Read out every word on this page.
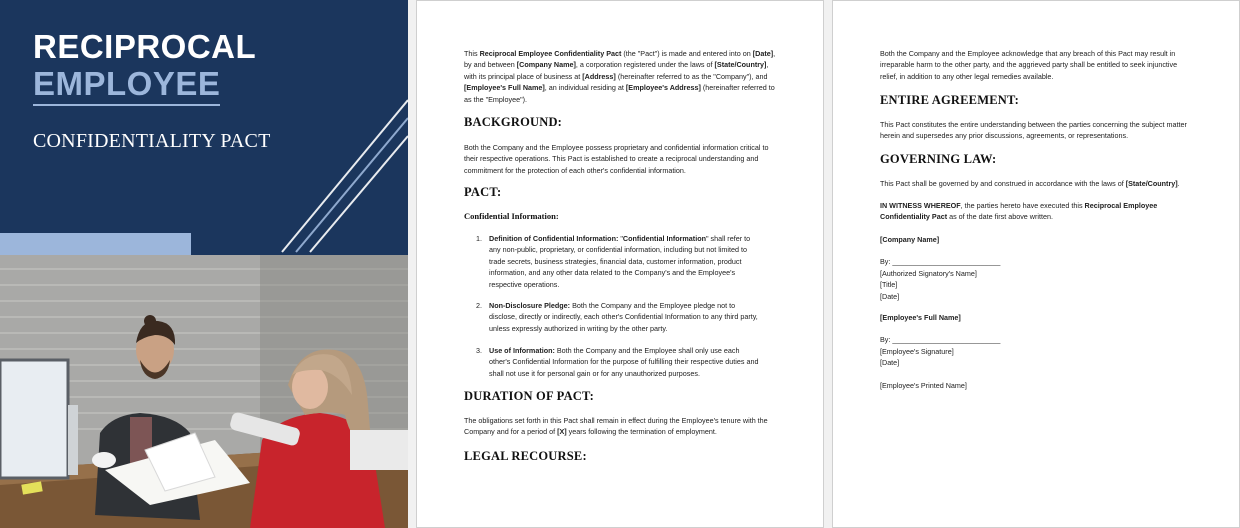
RECIPROCAL
EMPLOYEE
CONFIDENTIALITY PACT
This Reciprocal Employee Confidentiality Pact (the "Pact") is made and entered into on [Date], by and between [Company Name], a corporation registered under the laws of [State/Country], with its principal place of business at [Address] (hereinafter referred to as the "Company"), and [Employee's Full Name], an individual residing at [Employee's Address] (hereinafter referred to as the "Employee").
BACKGROUND:
Both the Company and the Employee possess proprietary and confidential information critical to their respective operations. This Pact is established to create a reciprocal understanding and commitment for the protection of each other's confidential information.
PACT:
Confidential Information:
1. Definition of Confidential Information: "Confidential Information" shall refer to any non-public, proprietary, or confidential information, including but not limited to trade secrets, business strategies, financial data, customer information, product information, and any other data related to the Company's and the Employee's respective operations.
2. Non-Disclosure Pledge: Both the Company and the Employee pledge not to disclose, directly or indirectly, each other's Confidential Information to any third party, unless expressly authorized in writing by the other party.
3. Use of Information: Both the Company and the Employee shall only use each other's Confidential Information for the purpose of fulfilling their respective duties and shall not use it for personal gain or for any unauthorized purposes.
DURATION OF PACT:
The obligations set forth in this Pact shall remain in effect during the Employee's tenure with the Company and for a period of [X] years following the termination of employment.
LEGAL RECOURSE:
Both the Company and the Employee acknowledge that any breach of this Pact may result in irreparable harm to the other party, and the aggrieved party shall be entitled to seek injunctive relief, in addition to any other legal remedies available.
ENTIRE AGREEMENT:
This Pact constitutes the entire understanding between the parties concerning the subject matter herein and supersedes any prior discussions, agreements, or representations.
GOVERNING LAW:
This Pact shall be governed by and construed in accordance with the laws of [State/Country].
IN WITNESS WHEREOF, the parties hereto have executed this Reciprocal Employee Confidentiality Pact as of the date first above written.
[Company Name]
By: ___________________________
[Authorized Signatory's Name]
[Title]
[Date]
[Employee's Full Name]
By: ___________________________
[Employee's Signature]
[Date]
[Employee's Printed Name]
